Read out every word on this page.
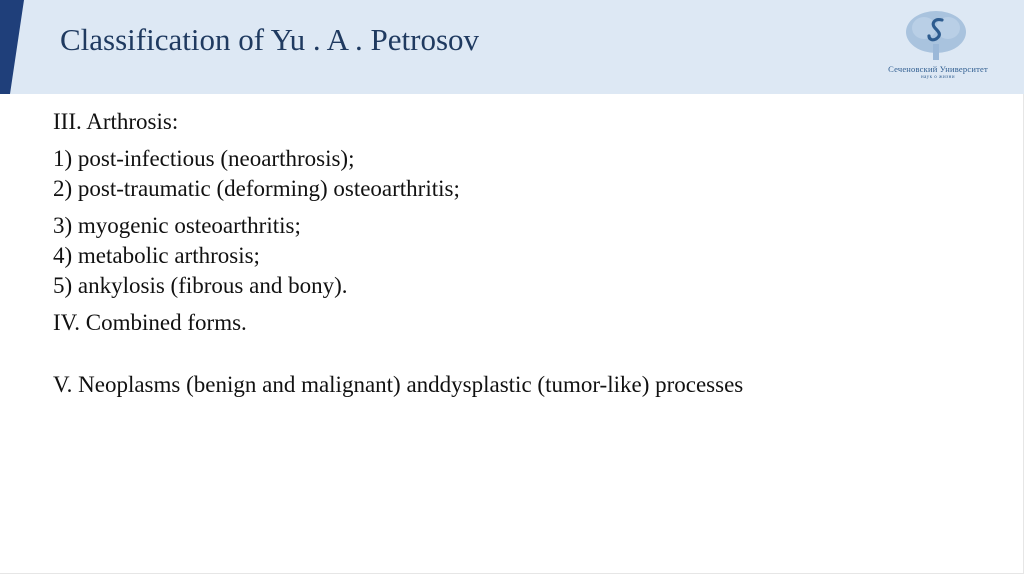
Classification of Yu . A . Petrosov
Сеченовский Университет
наук о жизни

III. Arthrosis:

1) post-infectious (neoarthrosis);

2) post-traumatic (deforming) osteoarthritis;

3) myogenic osteoarthritis;

4) metabolic arthrosis;

5) ankylosis (fibrous and bony).

IV. Combined forms.

V. Neoplasms (benign and malignant) anddysplastic (tumor-like) processes
